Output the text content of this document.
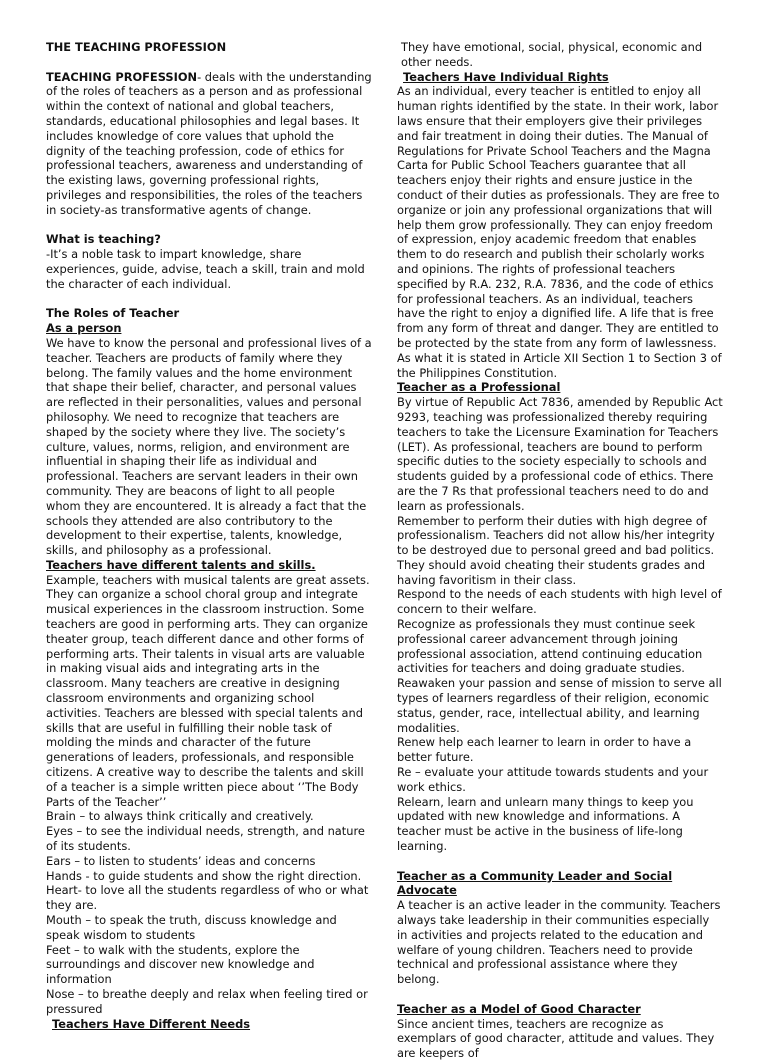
THE TEACHING PROFESSION

TEACHING PROFESSION- deals with the understanding of the roles of teachers as a person and as professional within the context of national and global teachers, standards, educational philosophies and legal bases. It includes knowledge of core values that uphold the dignity of the teaching profession, code of ethics for professional teachers, awareness and understanding of the existing laws, governing professional rights, privileges and responsibilities, the roles of the teachers in society-as transformative agents of change.

What is teaching?

-It’s a noble task to impart knowledge, share experiences, guide, advise, teach a skill, train and mold the character of each individual.

The Roles of Teacher

As a person

We have to know the personal and professional lives of a teacher. Teachers are products of family where they belong. The family values and the home environment that shape their belief, character, and personal values are reflected in their personalities, values and personal philosophy. We need to recognize that teachers are shaped by the society where they live. The society’s culture, values, norms, religion, and environment are influential in shaping their life as individual and professional. Teachers are servant leaders in their own community. They are beacons of light to all people whom they are encountered. It is already a fact that the schools they attended are also contributory to the development to their expertise, talents, knowledge, skills, and philosophy as a professional.

Teachers have different talents and skills.

Example, teachers with musical talents are great assets. They can organize a school choral group and integrate musical experiences in the classroom instruction. Some teachers are good in performing arts. They can organize theater group, teach different dance and other forms of performing arts. Their talents in visual arts are valuable in making visual aids and integrating arts in the classroom. Many teachers are creative in designing classroom environments and organizing school activities. Teachers are blessed with special talents and skills that are useful in fulfilling their noble task of molding the minds and character of the future generations of leaders, professionals, and responsible citizens. A creative way to describe the talents and skill of a teacher is a simple written piece about ‘’The Body Parts of the Teacher’’

Brain – to always think critically and creatively.

Eyes – to see the individual needs, strength, and nature of its students.

Ears – to listen to students’ ideas and concerns

Hands - to guide students and show the right direction.

Heart- to love all the students regardless of who or what they are.

Mouth – to speak the truth, discuss knowledge and speak wisdom to students

Feet – to walk with the students, explore the surroundings and discover new knowledge and information

Nose – to breathe deeply and relax when feeling tired or pressured

Teachers Have Different Needs

They have emotional, social, physical, economic and other needs.

Teachers Have Individual Rights

As an individual, every teacher is entitled to enjoy all human rights identified by the state. In their work, labor laws ensure that their employers give their privileges and fair treatment in doing their duties. The Manual of Regulations for Private School Teachers and the Magna Carta for Public School Teachers guarantee that all teachers enjoy their rights and ensure justice in the conduct of their duties as professionals. They are free to organize or join any professional organizations that will help them grow professionally. They can enjoy freedom of expression, enjoy academic freedom that enables them to do research and publish their scholarly works and opinions. The rights of professional teachers specified by R.A. 232, R.A. 7836, and the code of ethics for professional teachers. As an individual, teachers have the right to enjoy a dignified life. A life that is free from any form of threat and danger. They are entitled to be protected by the state from any form of lawlessness. As what it is stated in Article XII Section 1 to Section 3 of the Philippines Constitution.

Teacher as a Professional

By virtue of Republic Act 7836, amended by Republic Act 9293, teaching was professionalized thereby requiring teachers to take the Licensure Examination for Teachers (LET). As professional, teachers are bound to perform specific duties to the society especially to schools and students guided by a professional code of ethics. There are the 7 Rs that professional teachers need to do and learn as professionals.

Remember to perform their duties with high degree of professionalism. Teachers did not allow his/her integrity to be destroyed due to personal greed and bad politics. They should avoid cheating their students grades and having favoritism in their class.

Respond to the needs of each students with high level of concern to their welfare.

Recognize as professionals they must continue seek professional career advancement through joining professional association, attend continuing education activities for teachers and doing graduate studies.

Reawaken your passion and sense of mission to serve all types of learners regardless of their religion, economic status, gender, race, intellectual ability, and learning modalities.

Renew help each learner to learn in order to have a better future.

Re – evaluate your attitude towards students and your work ethics.

Relearn, learn and unlearn many things to keep you updated with new knowledge and informations. A teacher must be active in the business of life-long learning.

Teacher as a Community Leader and Social Advocate

A teacher is an active leader in the community. Teachers always take leadership in their communities especially in activities and projects related to the education and welfare of young children. Teachers need to provide technical and professional assistance where they belong.

Teacher as a Model of Good Character

Since ancient times, teachers are recognize as exemplars of good character, attitude and values. They are keepers of
